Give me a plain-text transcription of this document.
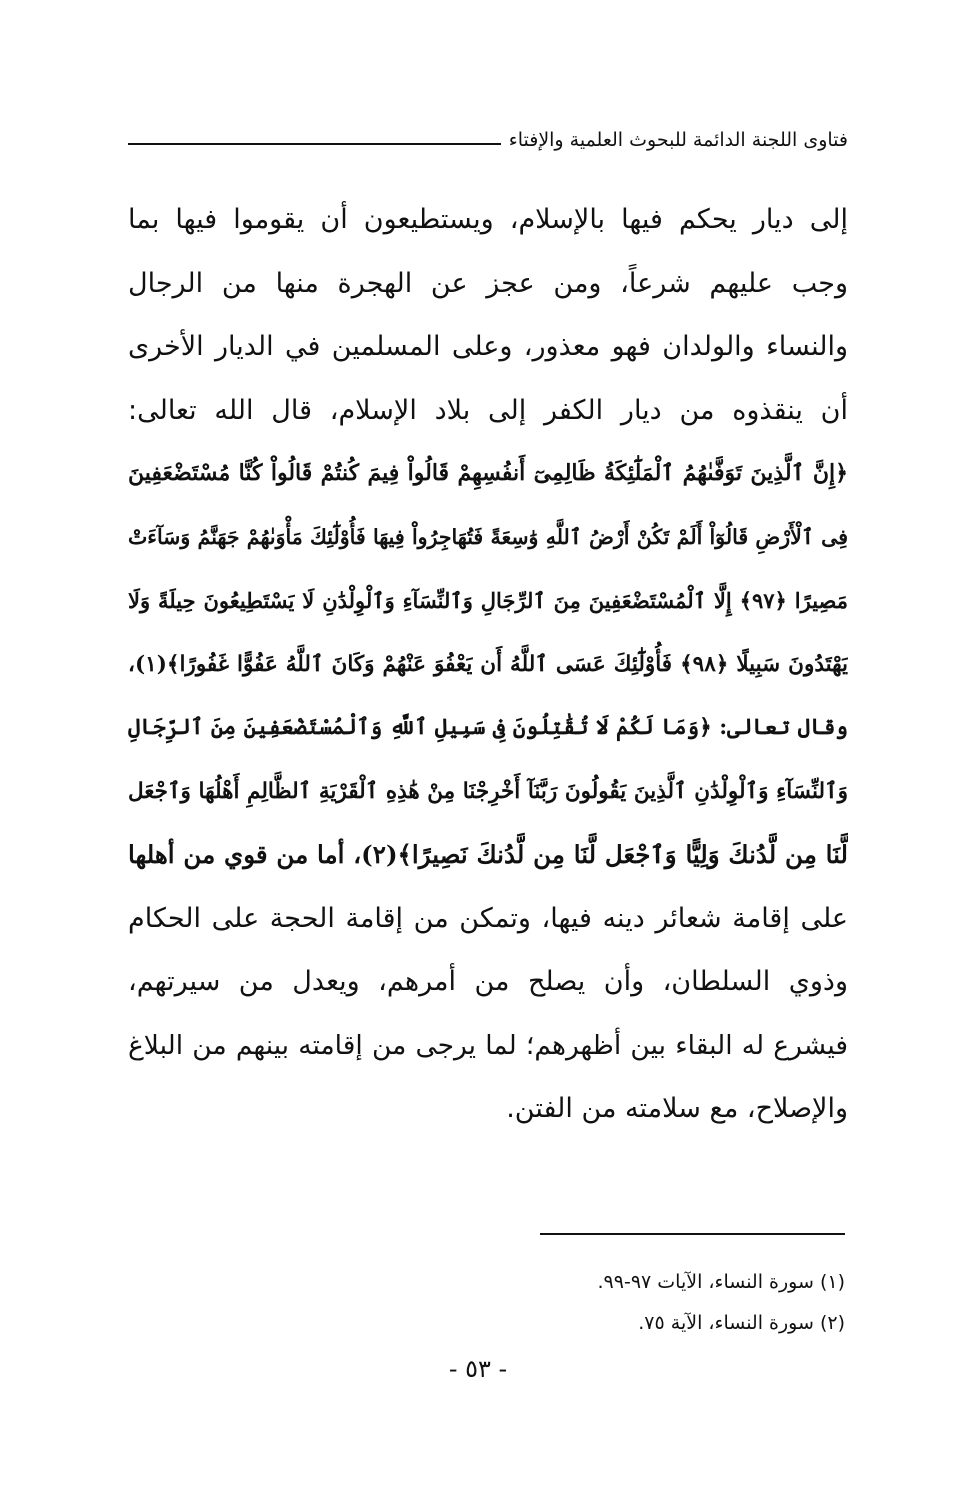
فتاوى اللجنة الدائمة للبحوث العلمية والإفتاء
إلى ديار يحكم فيها بالإسلام، ويستطيعون أن يقوموا فيها بما
وجب عليهم شرعاً، ومن عجز عن الهجرة منها من الرجال
والنساء والولدان فهو معذور، وعلى المسلمين في الديار الأخرى
أن ينقذوه من ديار الكفر إلى بلاد الإسلام، قال الله تعالى:
﴿إِنَّ ٱلَّذِينَ تَوَفَّىٰهُمُ ٱلْمَلَٰٓئِكَةُ ظَالِمِىٓ أَنفُسِهِمْ قَالُواْ فِيمَ كُنتُمْ قَالُواْ كُنَّا مُسْتَضْعَفِينَ
فِى ٱلْأَرْضِ قَالُوٓاْ أَلَمْ تَكُنْ أَرْضُ ٱللَّهِ وَٰسِعَةً فَتُهَاجِرُواْ فِيهَا فَأُوْلَٰٓئِكَ مَأْوَىٰهُمْ جَهَنَّمُ وَسَآءَتْ
مَصِيرًا ﴿٩٧﴾ إِلَّا ٱلْمُسْتَضْعَفِينَ مِنَ ٱلرِّجَالِ وَٱلنِّسَآءِ وَٱلْوِلْدَٰنِ لَا يَسْتَطِيعُونَ حِيلَةً وَلَا
يَهْتَدُونَ سَبِيلًا ﴿٩٨﴾ فَأُوْلَٰٓئِكَ عَسَى ٱللَّهُ أَن يَعْفُوَ عَنْهُمْ وَكَانَ ٱللَّهُ عَفُوًّا غَفُورًا﴾(١)،
وقال تعالى: ﴿وَمَا لَكُمْ لَا تُقَٰتِلُونَ فِى سَبِيلِ ٱللَّهِ وَٱلْمُسْتَضْعَفِينَ مِنَ ٱلرِّجَالِ
وَٱلنِّسَآءِ وَٱلْوِلْدَٰنِ ٱلَّذِينَ يَقُولُونَ رَبَّنَآ أَخْرِجْنَا مِنْ هَٰذِهِ ٱلْقَرْيَةِ ٱلظَّالِمِ أَهْلُهَا وَٱجْعَل
لَّنَا مِن لَّدُنكَ وَلِيًّا وَٱجْعَل لَّنَا مِن لَّدُنكَ نَصِيرًا﴾(٢)، أما من قوي من أهلها
على إقامة شعائر دينه فيها، وتمكن من إقامة الحجة على الحكام
وذوي السلطان، وأن يصلح من أمرهم، ويعدل من سيرتهم،
فيشرع له البقاء بين أظهرهم؛ لما يرجى من إقامته بينهم من البلاغ
والإصلاح، مع سلامته من الفتن.
(١) سورة النساء، الآيات ٩٧-٩٩.
(٢) سورة النساء، الآية ٧٥.
- ٥٣ -
